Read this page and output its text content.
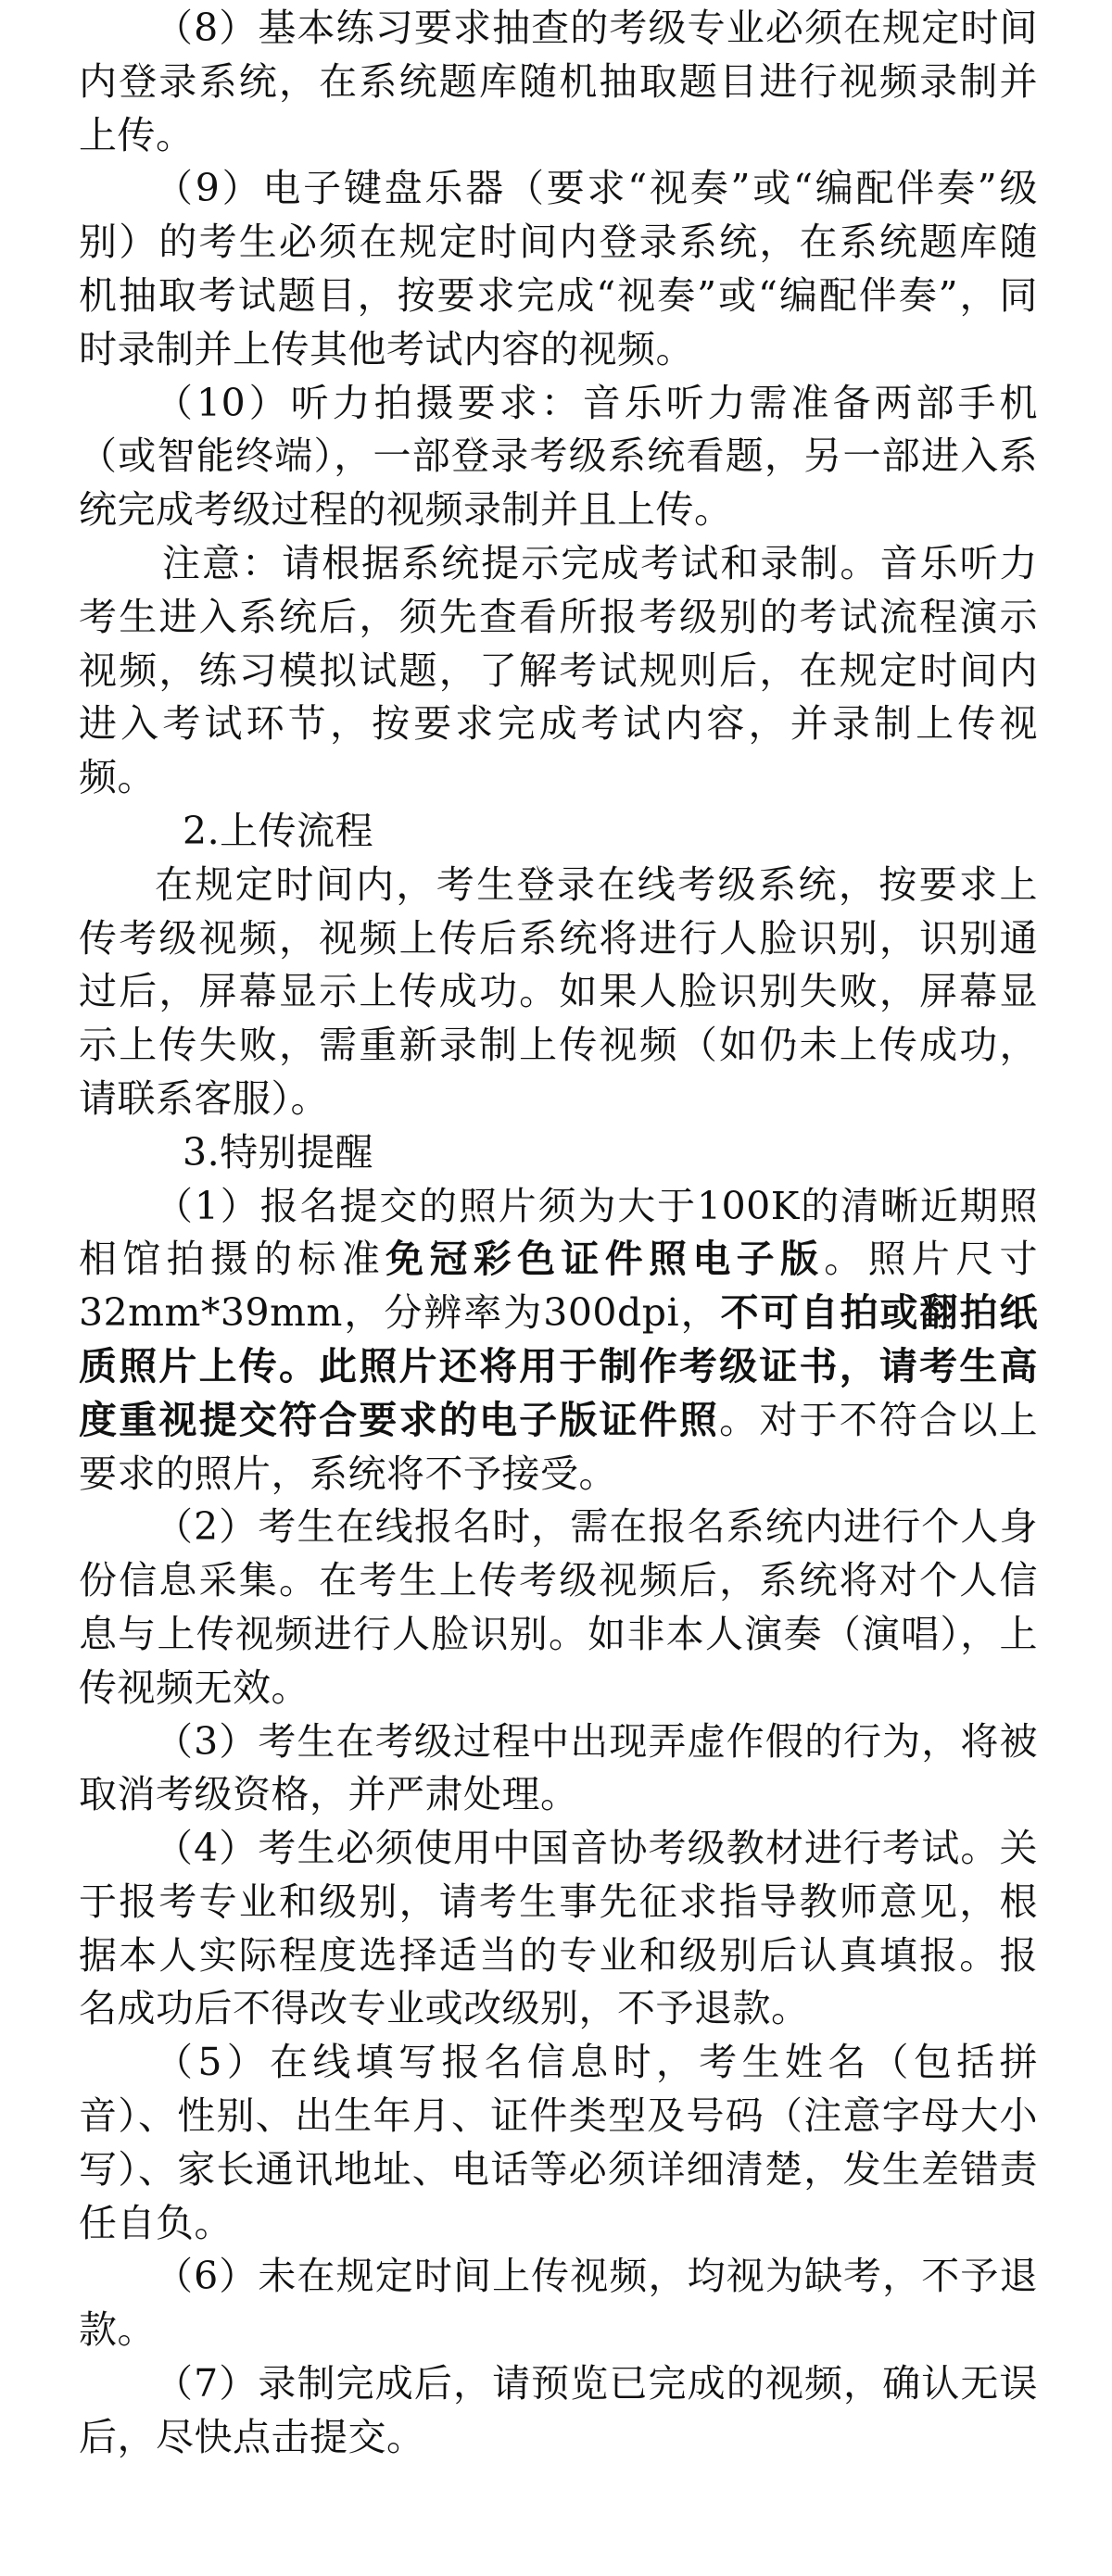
（8）基本练习要求抽查的考级专业必须在规定时间内登录系统，在系统题库随机抽取题目进行视频录制并上传。

（9）电子键盘乐器（要求“视奏”或“编配伴奏”级别）的考生必须在规定时间内登录系统，在系统题库随机抽取考试题目，按要求完成“视奏”或“编配伴奏”，同时录制并上传其他考试内容的视频。

（10）听力拍摄要求：音乐听力需准备两部手机（或智能终端），一部登录考级系统看题，另一部进入系统完成考级过程的视频录制并且上传。

注意：请根据系统提示完成考试和录制。音乐听力考生进入系统后，须先查看所报考级别的考试流程演示视频，练习模拟试题，了解考试规则后，在规定时间内进入考试环节，按要求完成考试内容，并录制上传视频。

2.上传流程

在规定时间内，考生登录在线考级系统，按要求上传考级视频，视频上传后系统将进行人脸识别，识别通过后，屏幕显示上传成功。如果人脸识别失败，屏幕显示上传失败，需重新录制上传视频（如仍未上传成功，请联系客服）。

3.特别提醒

（1）报名提交的照片须为大于100K的清晰近期照相馆拍摄的标准免冠彩色证件照电子版。照片尺寸32mm*39mm，分辨率为300dpi，不可自拍或翻拍纸质照片上传。此照片还将用于制作考级证书，请考生高度重视提交符合要求的电子版证件照。对于不符合以上要求的照片，系统将不予接受。

（2）考生在线报名时，需在报名系统内进行个人身份信息采集。在考生上传考级视频后，系统将对个人信息与上传视频进行人脸识别。如非本人演奏（演唱），上传视频无效。

（3）考生在考级过程中出现弄虚作假的行为，将被取消考级资格，并严肃处理。

（4）考生必须使用中国音协考级教材进行考试。关于报考专业和级别，请考生事先征求指导教师意见，根据本人实际程度选择适当的专业和级别后认真填报。报名成功后不得改专业或改级别，不予退款。

（5）在线填写报名信息时，考生姓名（包括拼音）、性别、出生年月、证件类型及号码（注意字母大小写）、家长通讯地址、电话等必须详细清楚，发生差错责任自负。

（6）未在规定时间上传视频，均视为缺考，不予退款。

（7）录制完成后，请预览已完成的视频，确认无误后，尽快点击提交。
